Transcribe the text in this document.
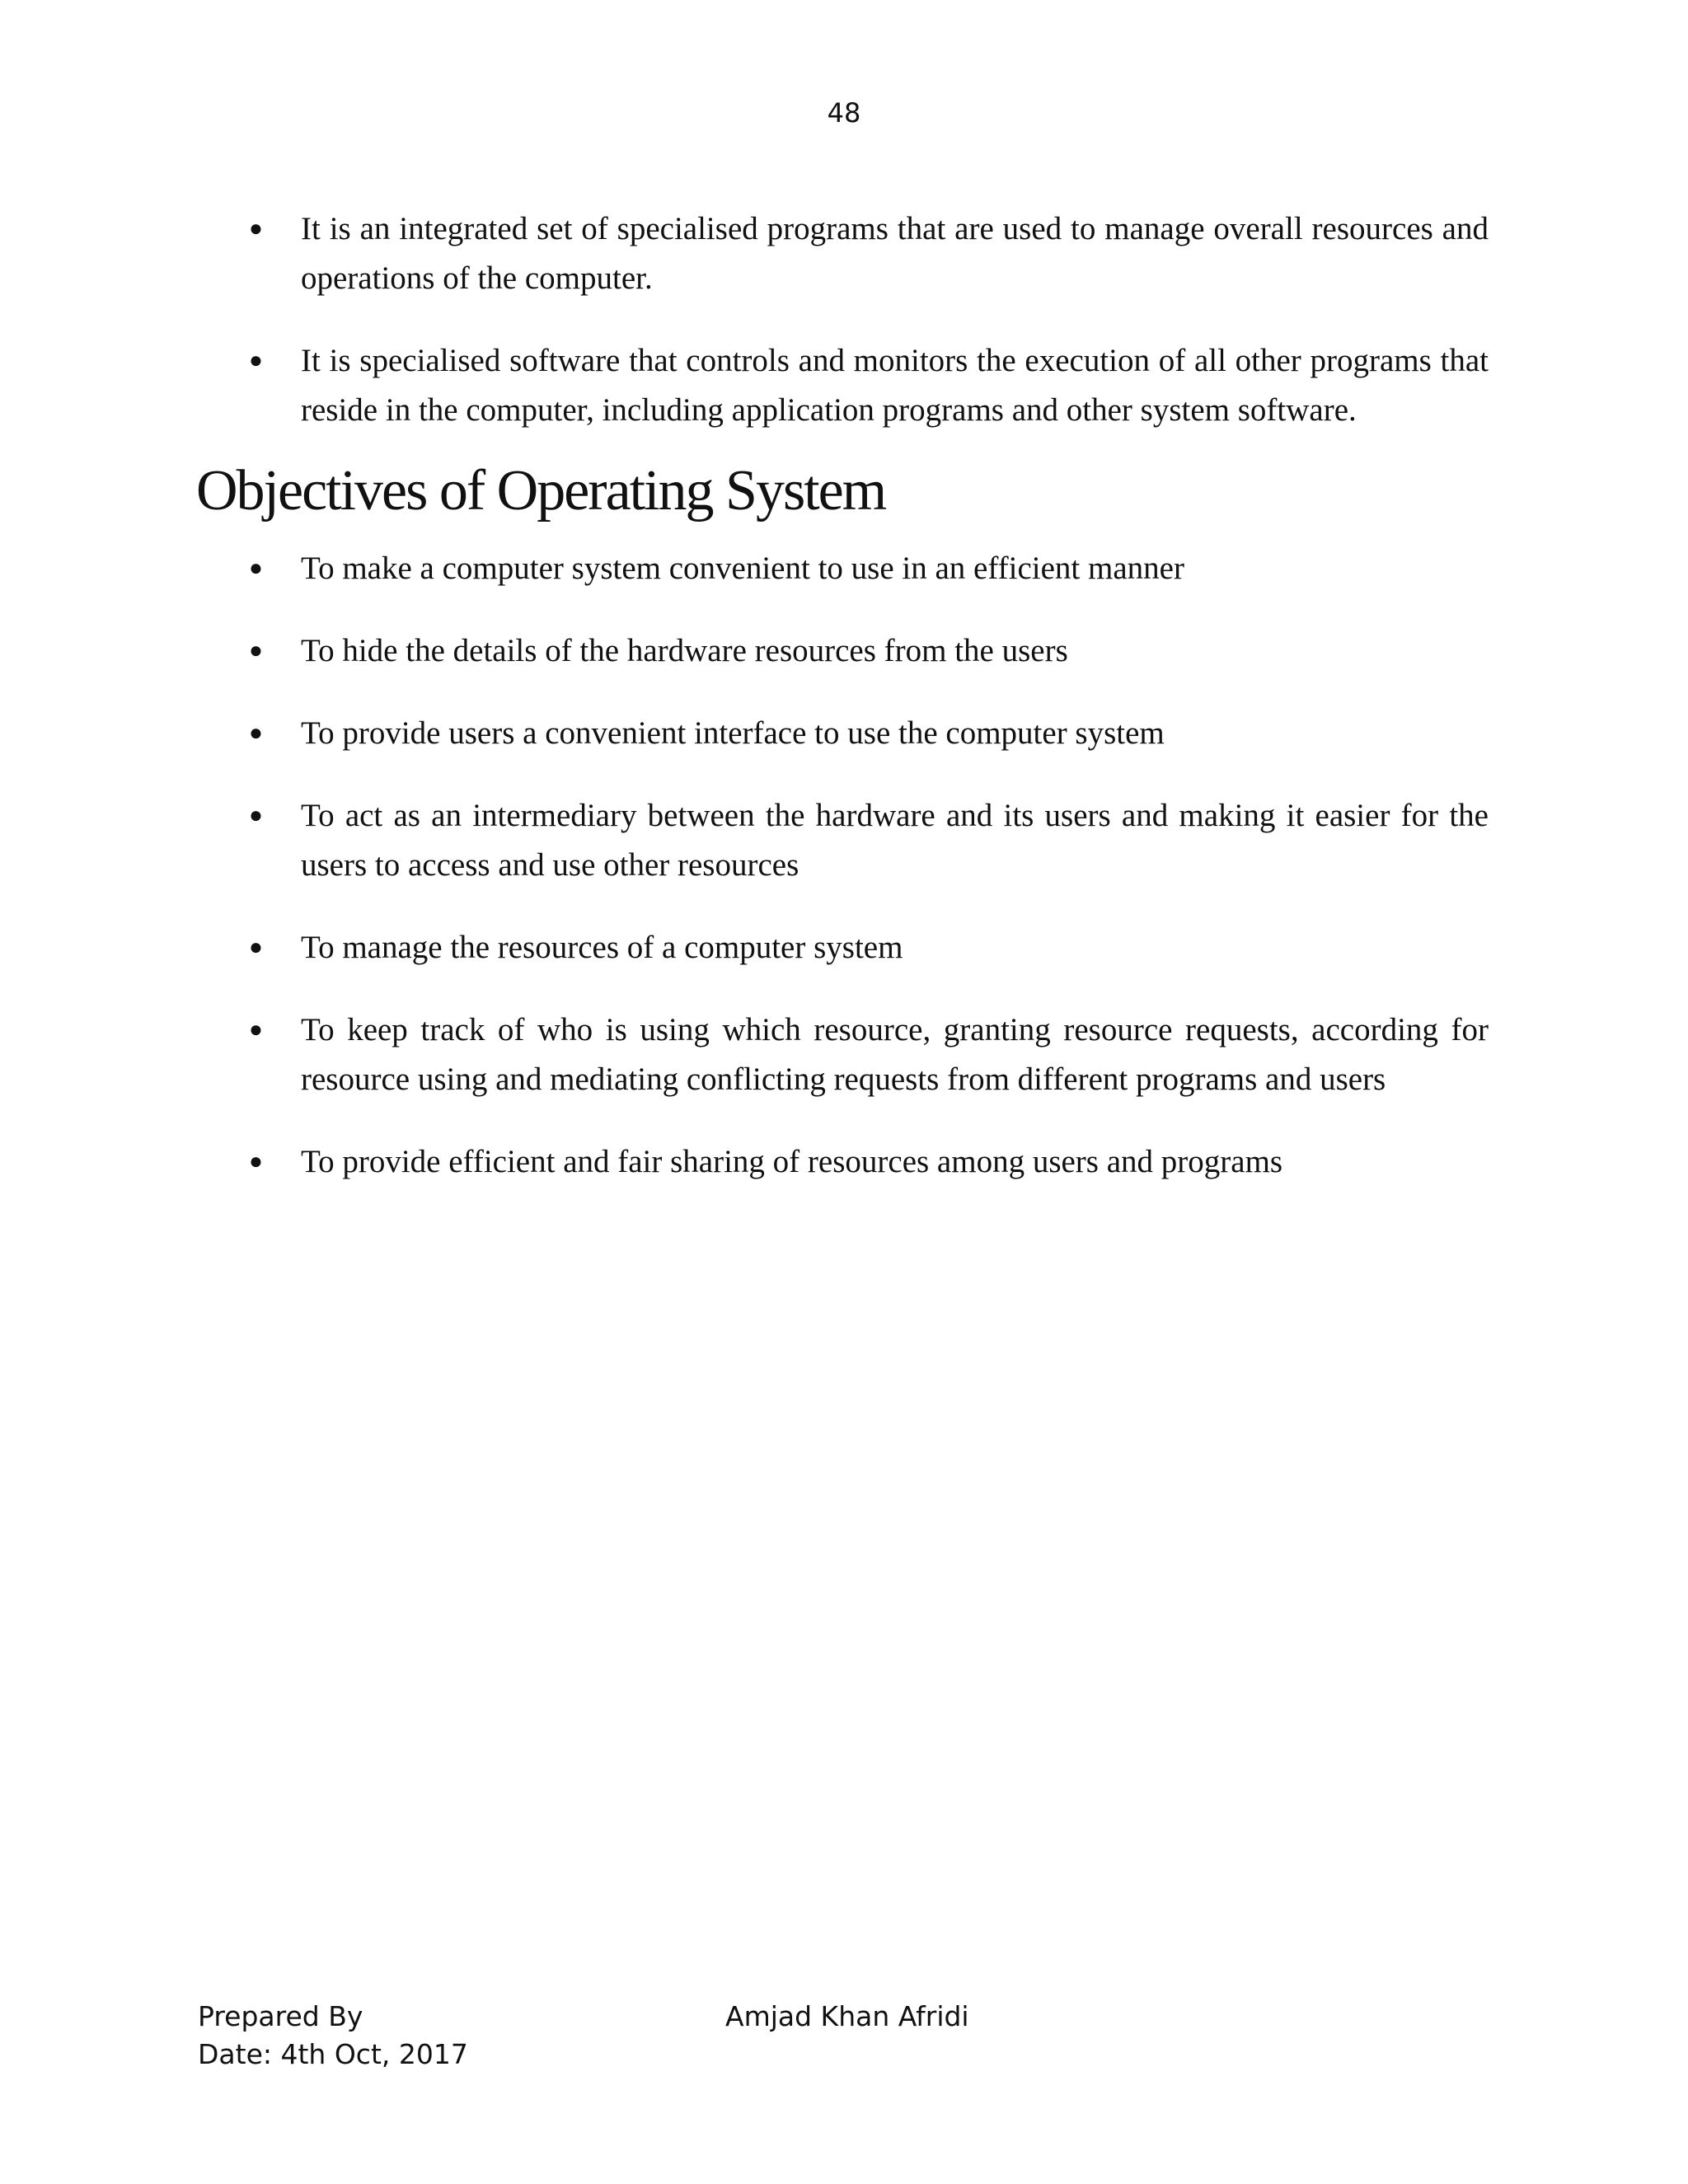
48
● It is an integrated set of specialised programs that are used to manage overall resources and operations of the computer.
● It is specialised software that controls and monitors the execution of all other programs that reside in the computer, including application programs and other system software.
Objectives of Operating System
● To make a computer system convenient to use in an efficient manner
● To hide the details of the hardware resources from the users
● To provide users a convenient interface to use the computer system
● To act as an intermediary between the hardware and its users and making it easier for the users to access and use other resources
● To manage the resources of a computer system
● To keep track of who is using which resource, granting resource requests, according for resource using and mediating conflicting requests from different programs and users
● To provide efficient and fair sharing of resources among users and programs
Prepared By	Amjad Khan Afridi
Date: 4th Oct, 2017
